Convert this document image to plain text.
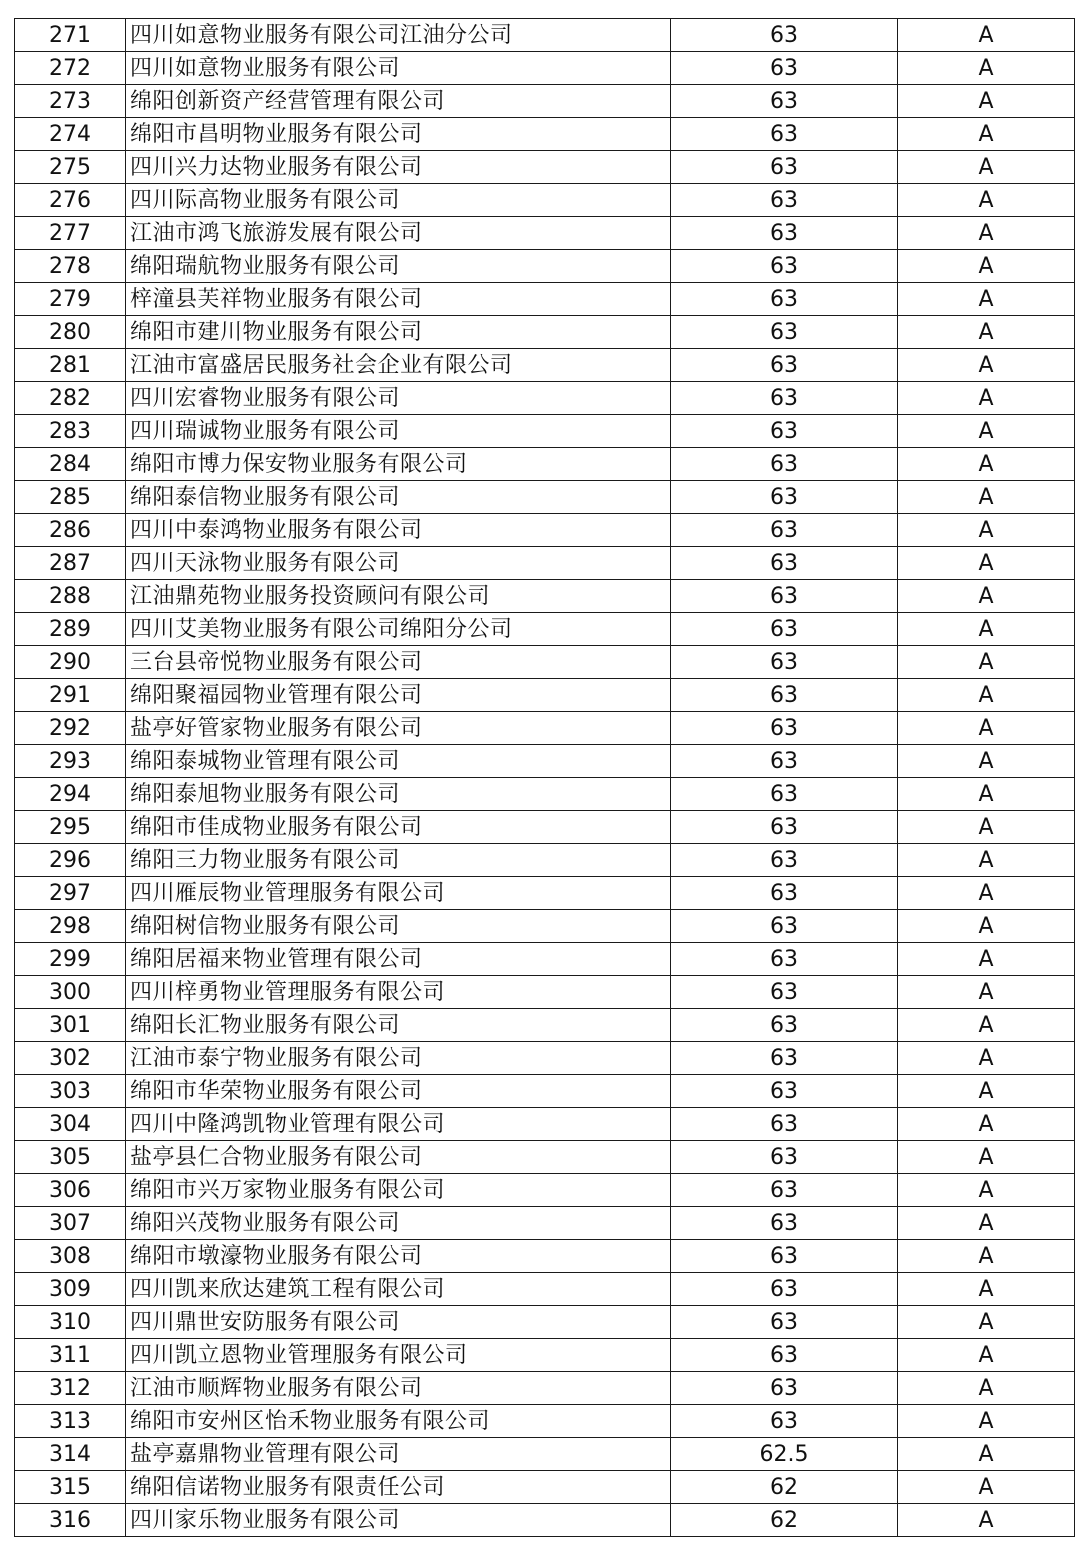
271	四川如意物业服务有限公司江油分公司	63	A
272	四川如意物业服务有限公司	63	A
273	绵阳创新资产经营管理有限公司	63	A
274	绵阳市昌明物业服务有限公司	63	A
275	四川兴力达物业服务有限公司	63	A
276	四川际高物业服务有限公司	63	A
277	江油市鸿飞旅游发展有限公司	63	A
278	绵阳瑞航物业服务有限公司	63	A
279	梓潼县芙祥物业服务有限公司	63	A
280	绵阳市建川物业服务有限公司	63	A
281	江油市富盛居民服务社会企业有限公司	63	A
282	四川宏睿物业服务有限公司	63	A
283	四川瑞诚物业服务有限公司	63	A
284	绵阳市博力保安物业服务有限公司	63	A
285	绵阳泰信物业服务有限公司	63	A
286	四川中泰鸿物业服务有限公司	63	A
287	四川天泳物业服务有限公司	63	A
288	江油鼎苑物业服务投资顾问有限公司	63	A
289	四川艾美物业服务有限公司绵阳分公司	63	A
290	三台县帝悦物业服务有限公司	63	A
291	绵阳聚福园物业管理有限公司	63	A
292	盐亭好管家物业服务有限公司	63	A
293	绵阳泰城物业管理有限公司	63	A
294	绵阳泰旭物业服务有限公司	63	A
295	绵阳市佳成物业服务有限公司	63	A
296	绵阳三力物业服务有限公司	63	A
297	四川雁辰物业管理服务有限公司	63	A
298	绵阳树信物业服务有限公司	63	A
299	绵阳居福来物业管理有限公司	63	A
300	四川梓勇物业管理服务有限公司	63	A
301	绵阳长汇物业服务有限公司	63	A
302	江油市泰宁物业服务有限公司	63	A
303	绵阳市华荣物业服务有限公司	63	A
304	四川中隆鸿凯物业管理有限公司	63	A
305	盐亭县仁合物业服务有限公司	63	A
306	绵阳市兴万家物业服务有限公司	63	A
307	绵阳兴茂物业服务有限公司	63	A
308	绵阳市墩濠物业服务有限公司	63	A
309	四川凯来欣达建筑工程有限公司	63	A
310	四川鼎世安防服务有限公司	63	A
311	四川凯立恩物业管理服务有限公司	63	A
312	江油市顺辉物业服务有限公司	63	A
313	绵阳市安州区怡禾物业服务有限公司	63	A
314	盐亭嘉鼎物业管理有限公司	62.5	A
315	绵阳信诺物业服务有限责任公司	62	A
316	四川家乐物业服务有限公司	62	A
